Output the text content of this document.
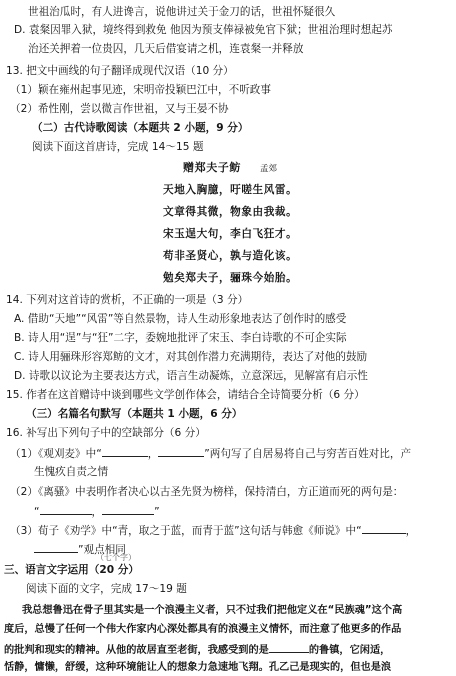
世祖治瓜时，有人进谗言，说他讲过关于金刀的话，世祖怀疑很久
D. 袁粲因罪入狱，境终得到救免 他因为预支俸禄被免官下狱；世祖治理时想起苏
治还关押着一位贵囚，几天后借宴请之机，连袁粲一并释放
13. 把文中画线的句子翻译成现代汉语（10 分）
（1）颖在雍州起事见迹，宋明帝投颖巴江中，不听政事
（2）希性刚，尝以微言作世祖，又与王晏不协
（二）古代诗歌阅读（本题共 2 小题，9 分）
阅读下面这首唐诗，完成 14～15 题
赠郑夫子鲂 孟郊
天地入胸臆，吁嗟生风雷。
文章得其微，物象由我裁。
宋玉逞大句，李白飞狂才。
苟非圣贤心，孰与造化该。
勉矣郑夫子，骊珠今始胎。
14. 下列对这首诗的赏析，不正确的一项是（3 分）
A. 借助“天地”“风雷”等自然景物，诗人生动形象地表达了创作时的感受
B. 诗人用“逞”与“狂”二字，委婉地批评了宋玉、李白诗歌的不可企实际
C. 诗人用骊珠形容郑鲂的文才，对其创作潜力充满期待，表达了对他的鼓励
D. 诗歌以议论为主要表达方式，语言生动凝炼，立意深远，见解富有启示性
15. 作者在这首赠诗中谈到哪些文学创作体会，请结合全诗简要分析（6 分）
（三）名篇名句默写（本题共 1 小题，6 分）
16. 补写出下列句子中的空缺部分（6 分）
（1）《观刈麦》中“	，	”两句写了自居易将自己与穷苦百姓对比，产
生愧疚自责之情
（2）《离骚》中表明作者决心以古圣先贤为榜样，保持清白，方正道而死的两句是：
“	，	”
（3）荀子《劝学》中“青，取之于蓝，而青于蓝”这句话与韩愈《师说》中“	，
”观点相同
（七个字）
三、语言文字运用（20 分）
阅读下面的文字，完成 17～19 题
我总想鲁迅在骨子里其实是一个浪漫主义者，只不过我们把他定义在“民族魂”这个高
度后，总慢了任何一个伟大作家内心深处都具有的浪漫主义情怀，而注意了他更多的作品
的批判和现实的精神。从他的故居直至老街，我感受到的是	的鲁镇，它闲适，
恬静，慵懒，舒缓，这种环境能让人的想象力急速地飞翔。孔乙己是现实的，但也是浪
